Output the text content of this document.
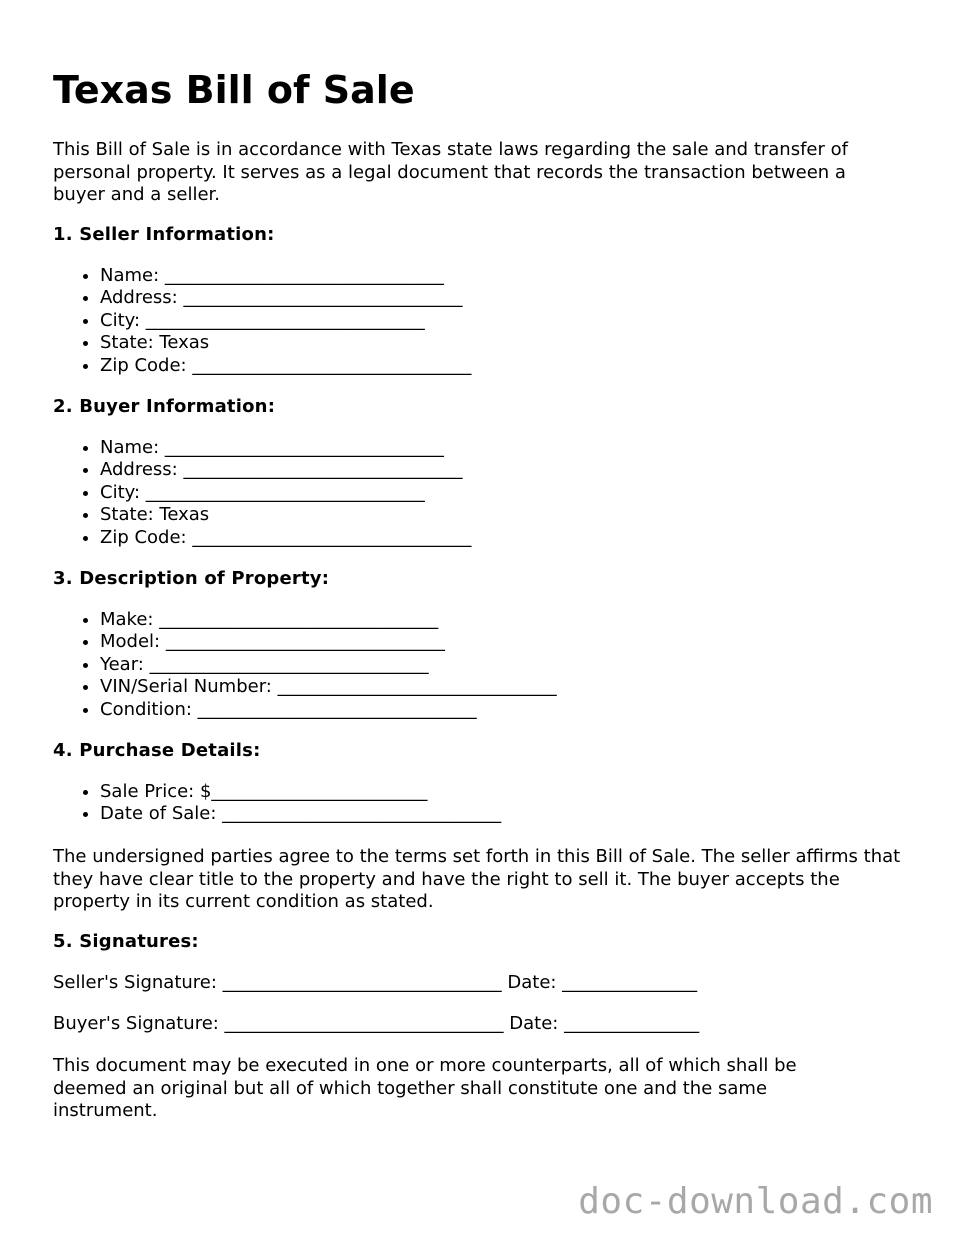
Texas Bill of Sale

This Bill of Sale is in accordance with Texas state laws regarding the sale and transfer of personal property. It serves as a legal document that records the transaction between a buyer and a seller.

1. Seller Information:

• Name: _______________________________
• Address: _______________________________
• City: _______________________________
• State: Texas
• Zip Code: _______________________________

2. Buyer Information:

• Name: _______________________________
• Address: _______________________________
• City: _______________________________
• State: Texas
• Zip Code: _______________________________

3. Description of Property:

• Make: _______________________________
• Model: _______________________________
• Year: _______________________________
• VIN/Serial Number: _______________________________
• Condition: _______________________________

4. Purchase Details:

• Sale Price: $________________________
• Date of Sale: _______________________________

The undersigned parties agree to the terms set forth in this Bill of Sale. The seller affirms that they have clear title to the property and have the right to sell it. The buyer accepts the property in its current condition as stated.

5. Signatures:

Seller's Signature: _______________________________ Date: _______________

Buyer's Signature: _______________________________ Date: _______________

This document may be executed in one or more counterparts, all of which shall be deemed an original but all of which together shall constitute one and the same instrument.

doc-download.com
